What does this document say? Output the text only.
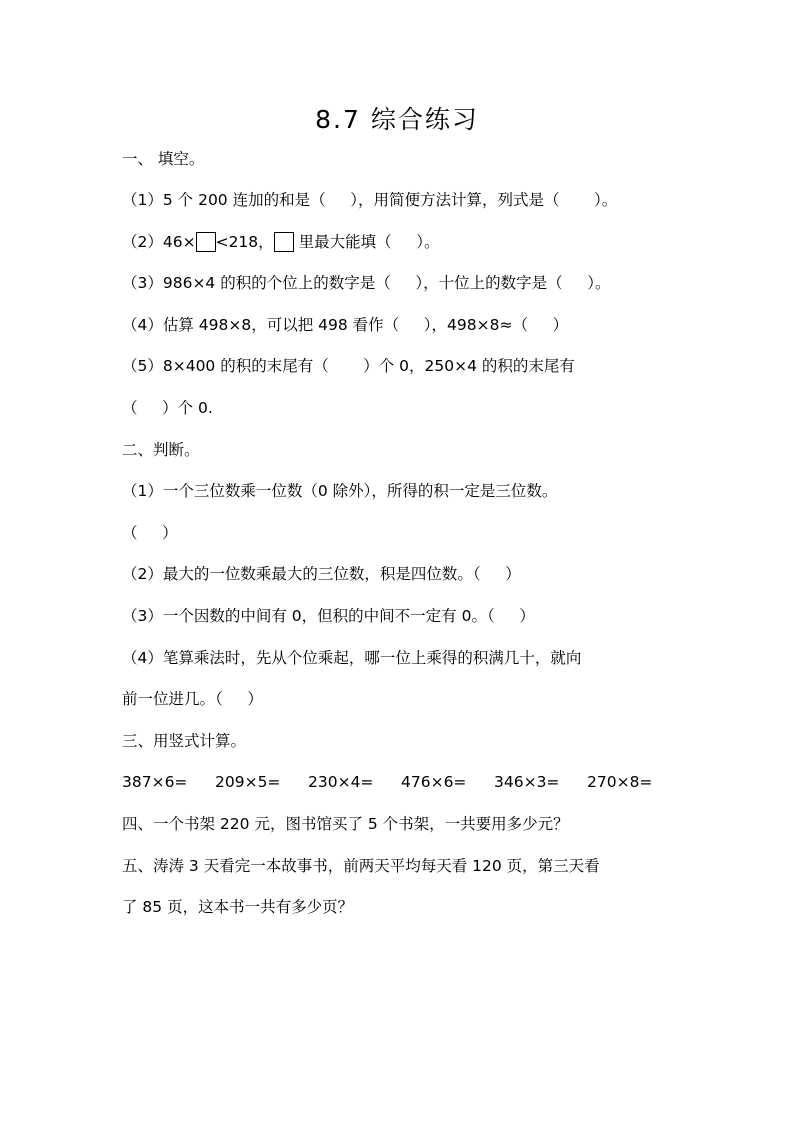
8.7 综合练习
一、 填空。
（1）5 个 200 连加的和是（     ），用简便方法计算，列式是（       ）。
（2）46× <218， 里最大能填（     ）。
（3）986×4 的积的个位上的数字是（     ），十位上的数字是（     ）。
（4）估算 498×8，可以把 498 看作（     ），498×8≈（     ）
（5）8×400 的积的末尾有（       ）个 0，250×4 的积的末尾有
（     ）个 0.
二、判断。
（1）一个三位数乘一位数（0 除外），所得的积一定是三位数。
（     ）
（2）最大的一位数乘最大的三位数，积是四位数。（     ）
（3）一个因数的中间有 0，但积的中间不一定有 0。（     ）
（4）笔算乘法时，先从个位乘起，哪一位上乘得的积满几十，就向
前一位进几。（     ）
三、用竖式计算。
387×6= 209×5= 230×4= 476×6= 346×3= 270×8=
四、一个书架 220 元，图书馆买了 5 个书架，一共要用多少元？
五、涛涛 3 天看完一本故事书，前两天平均每天看 120 页，第三天看
了 85 页，这本书一共有多少页？
